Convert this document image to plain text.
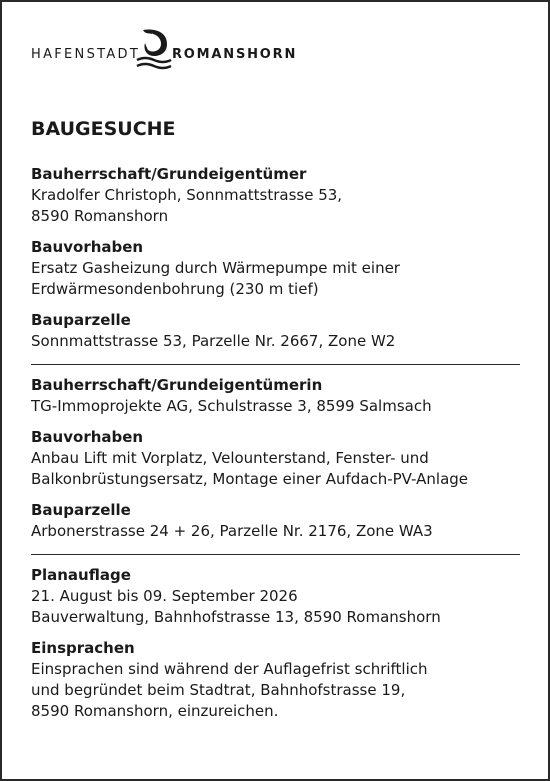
HAFENSTADT ROMANSHORN
BAUGESUCHE
Bauherrschaft/Grundeigentümer

Kradolfer Christoph, Sonnmattstrasse 53,

8590 Romanshorn

Bauvorhaben

Ersatz Gasheizung durch Wärmepumpe mit einer

Erdwärmesondenbohrung (230 m tief)

Bauparzelle

Sonnmattstrasse 53, Parzelle Nr. 2667, Zone W2

Bauherrschaft/Grundeigentümerin

TG-Immoprojekte AG, Schulstrasse 3, 8599 Salmsach

Bauvorhaben

Anbau Lift mit Vorplatz, Velounterstand, Fenster- und

Balkonbrüstungsersatz, Montage einer Aufdach-PV-Anlage

Bauparzelle

Arbonerstrasse 24 + 26, Parzelle Nr. 2176, Zone WA3

Planauflage

21. August bis 09. September 2026

Bauverwaltung, Bahnhofstrasse 13, 8590 Romanshorn

Einsprachen

Einsprachen sind während der Auflagefrist schriftlich

und begründet beim Stadtrat, Bahnhofstrasse 19,

8590 Romanshorn, einzureichen.
